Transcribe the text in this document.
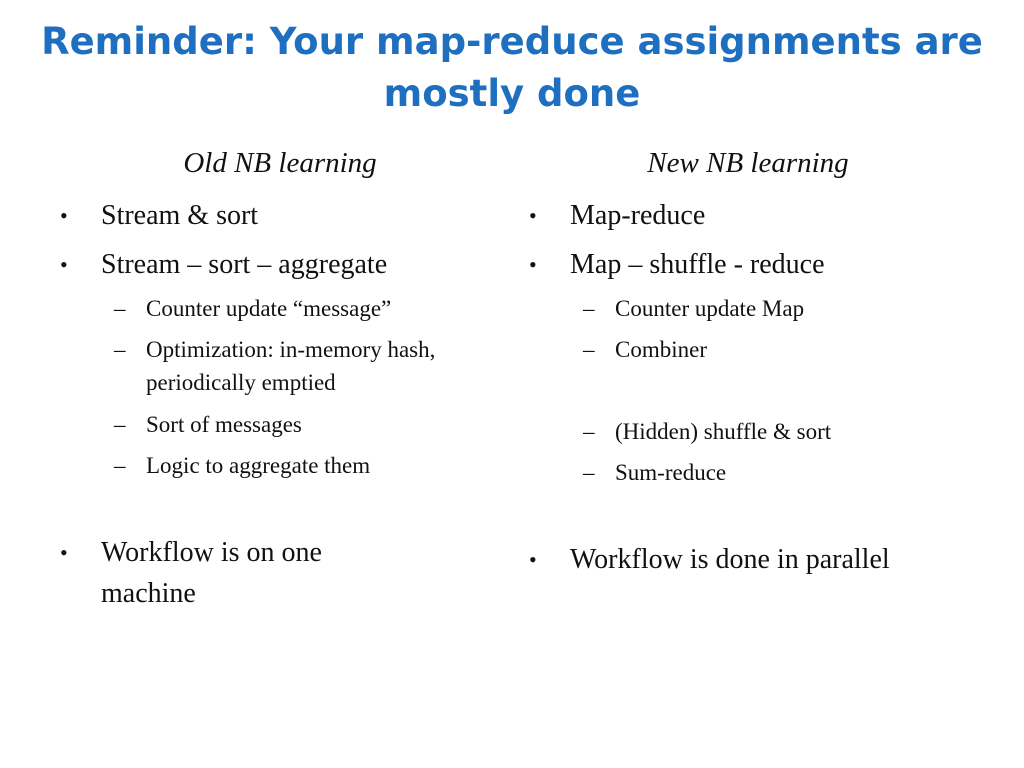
Reminder: Your map-reduce assignments are mostly done
Old NB learning
• Stream & sort
• Stream – sort – aggregate
– Counter update “message”
– Optimization: in-memory hash, periodically emptied
– Sort of messages
– Logic to aggregate them
• Workflow is on one machine
New NB learning
• Map-reduce
• Map – shuffle - reduce
– Counter update Map
– Combiner
– (Hidden) shuffle & sort
– Sum-reduce
• Workflow is done in parallel
